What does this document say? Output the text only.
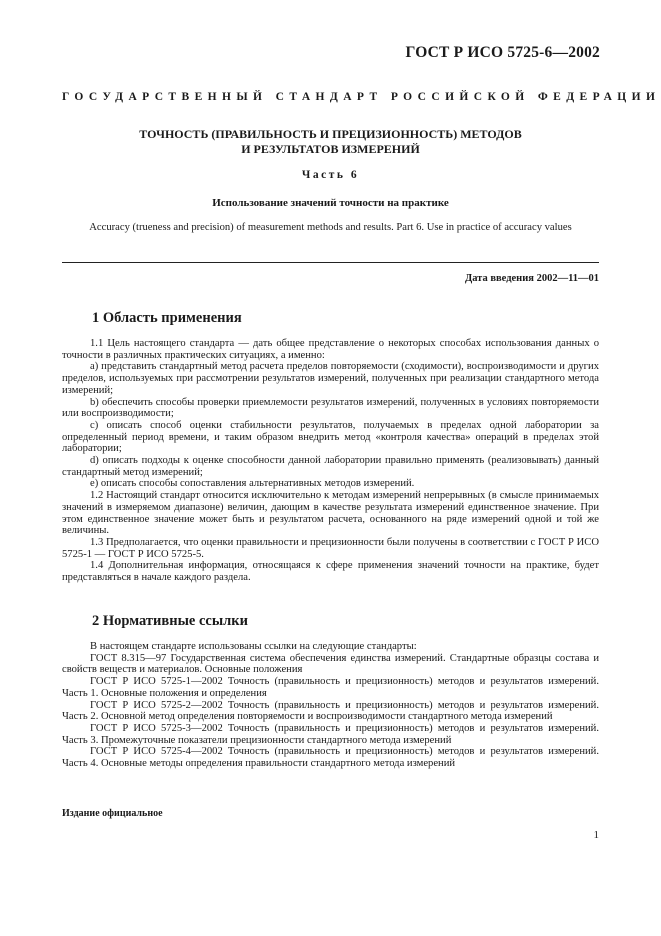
ГОСТ Р ИСО 5725-6—2002
ГОСУДАРСТВЕННЫЙ СТАНДАРТ РОССИЙСКОЙ ФЕДЕРАЦИИ
ТОЧНОСТЬ (ПРАВИЛЬНОСТЬ И ПРЕЦИЗИОННОСТЬ) МЕТОДОВ
И РЕЗУЛЬТАТОВ ИЗМЕРЕНИЙ
Часть 6
Использование значений точности на практике
Accuracy (trueness and precision) of measurement methods and results. Part 6. Use in practice of accuracy values
Дата введения 2002—11—01
1 Область применения

1.1 Цель настоящего стандарта — дать общее представление о некоторых способах использования данных о точности в различных практических ситуациях, а именно:

a) представить стандартный метод расчета пределов повторяемости (сходимости), воспроизводимости и других пределов, используемых при рассмотрении результатов измерений, полученных при реализации стандартного метода измерений;

b) обеспечить способы проверки приемлемости результатов измерений, полученных в условиях повторяемости или воспроизводимости;

c) описать способ оценки стабильности результатов, получаемых в пределах одной лаборатории за определенный период времени, и таким образом внедрить метод «контроля качества» операций в пределах этой лаборатории;

d) описать подходы к оценке способности данной лаборатории правильно применять (реализовывать) данный стандартный метод измерений;

e) описать способы сопоставления альтернативных методов измерений.

1.2 Настоящий стандарт относится исключительно к методам измерений непрерывных (в смысле принимаемых значений в измеряемом диапазоне) величин, дающим в качестве результата измерений единственное значение. При этом единственное значение может быть и результатом расчета, основанного на ряде измерений одной и той же величины.

1.3 Предполагается, что оценки правильности и прецизионности были получены в соответствии с ГОСТ Р ИСО 5725-1 — ГОСТ Р ИСО 5725-5.

1.4 Дополнительная информация, относящаяся к сфере применения значений точности на практике, будет представляться в начале каждого раздела.

2 Нормативные ссылки

В настоящем стандарте использованы ссылки на следующие стандарты:

ГОСТ 8.315—97 Государственная система обеспечения единства измерений. Стандартные образцы состава и свойств веществ и материалов. Основные положения

ГОСТ Р ИСО 5725-1—2002 Точность (правильность и прецизионность) методов и результатов измерений. Часть 1. Основные положения и определения

ГОСТ Р ИСО 5725-2—2002 Точность (правильность и прецизионность) методов и результатов измерений. Часть 2. Основной метод определения повторяемости и воспроизводимости стандартного метода измерений

ГОСТ Р ИСО 5725-3—2002 Точность (правильность и прецизионность) методов и результатов измерений. Часть 3. Промежуточные показатели прецизионности стандартного метода измерений

ГОСТ Р ИСО 5725-4—2002 Точность (правильность и прецизионность) методов и результатов измерений. Часть 4. Основные методы определения правильности стандартного метода измерений

Издание официальное
1
